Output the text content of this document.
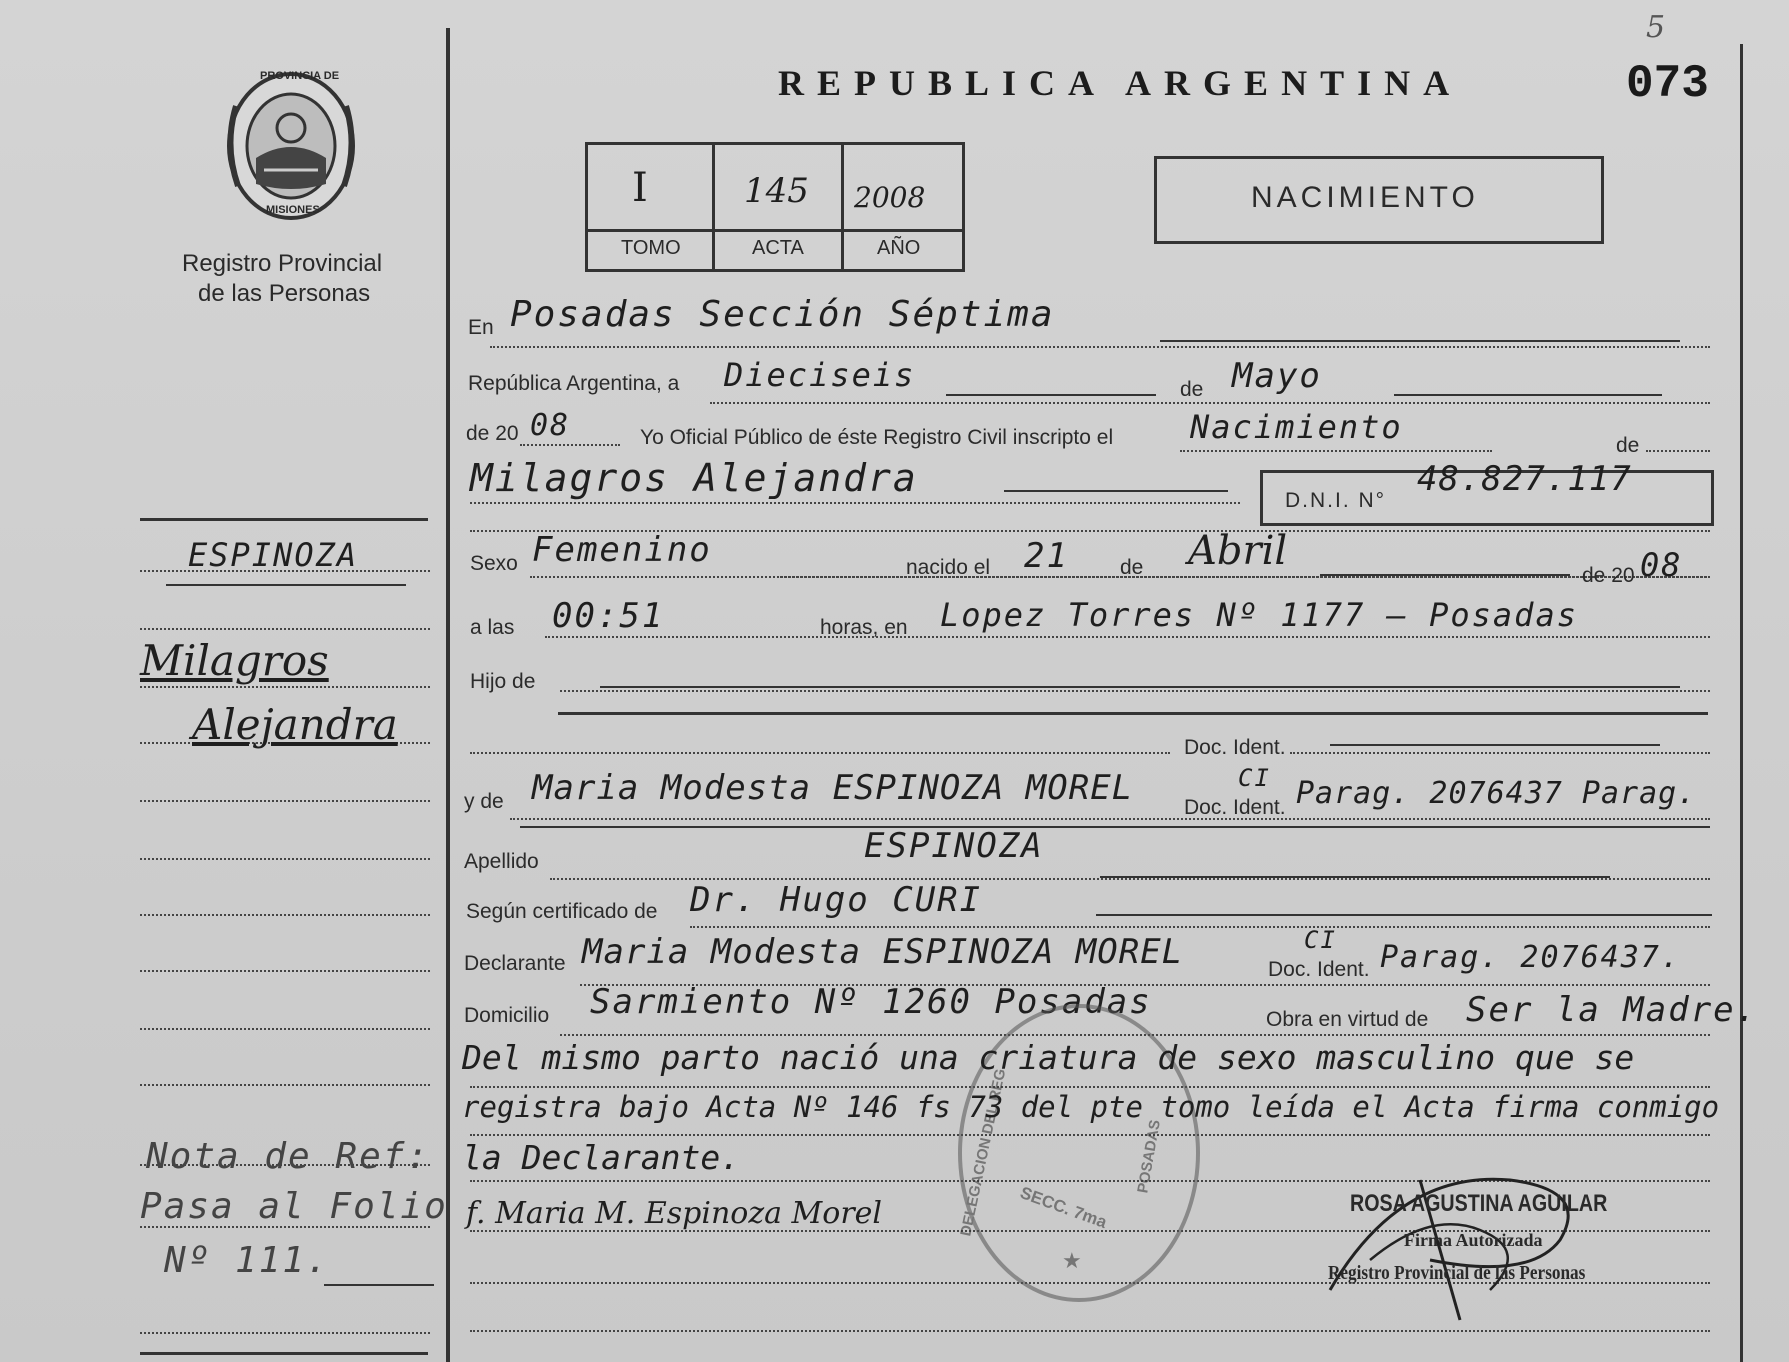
5
073
PROVINCIA DE
MISIONES
Registro Provincial
de las Personas
REPUBLICA ARGENTINA
I	145 2008
TOMO	ACTA	AÑO
NACIMIENTO
ESPINOZA
Milagros
Alejandra
Nota de Ref:
Pasa al Folio
Nº 111.
En Posadas Sección Séptima
República Argentina, a Dieciseis	de Mayo
de 20 08	Yo Oficial Público de éste Registro Civil inscripto el Nacimiento	de
Milagros Alejandra
D.N.I. N°
48.827.117
Sexo Femenino	nacido el 21 de Abril
de 20 08
a las 00:51	horas, en Lopez Torres Nº 1177 — Posadas
Hijo de
Doc. Ident.
y de Maria Modesta ESPINOZA MOREL Doc. Ident.
CI Parag. 2076437 Parag.
Apellido	ESPINOZA
Según certificado de Dr. Hugo CURI
Declarante Maria Modesta ESPINOZA MOREL	Doc. Ident.
CI Parag. 2076437.
Domicilio Sarmiento Nº 1260 Posadas	Obra en virtud de Ser la Madre.
DELEGACION DEL REG SECC. 7ma
POSADAS
★
Del mismo parto nació una criatura de sexo masculino que se
registra bajo Acta Nº 146 fs 73 del pte tomo leída el Acta firma conmigo
la Declarante.
f. Maria M. Espinoza Morel	ROSA AGUSTINA AGUILAR
Firma Autorizada
Registro Provincial de las Personas
